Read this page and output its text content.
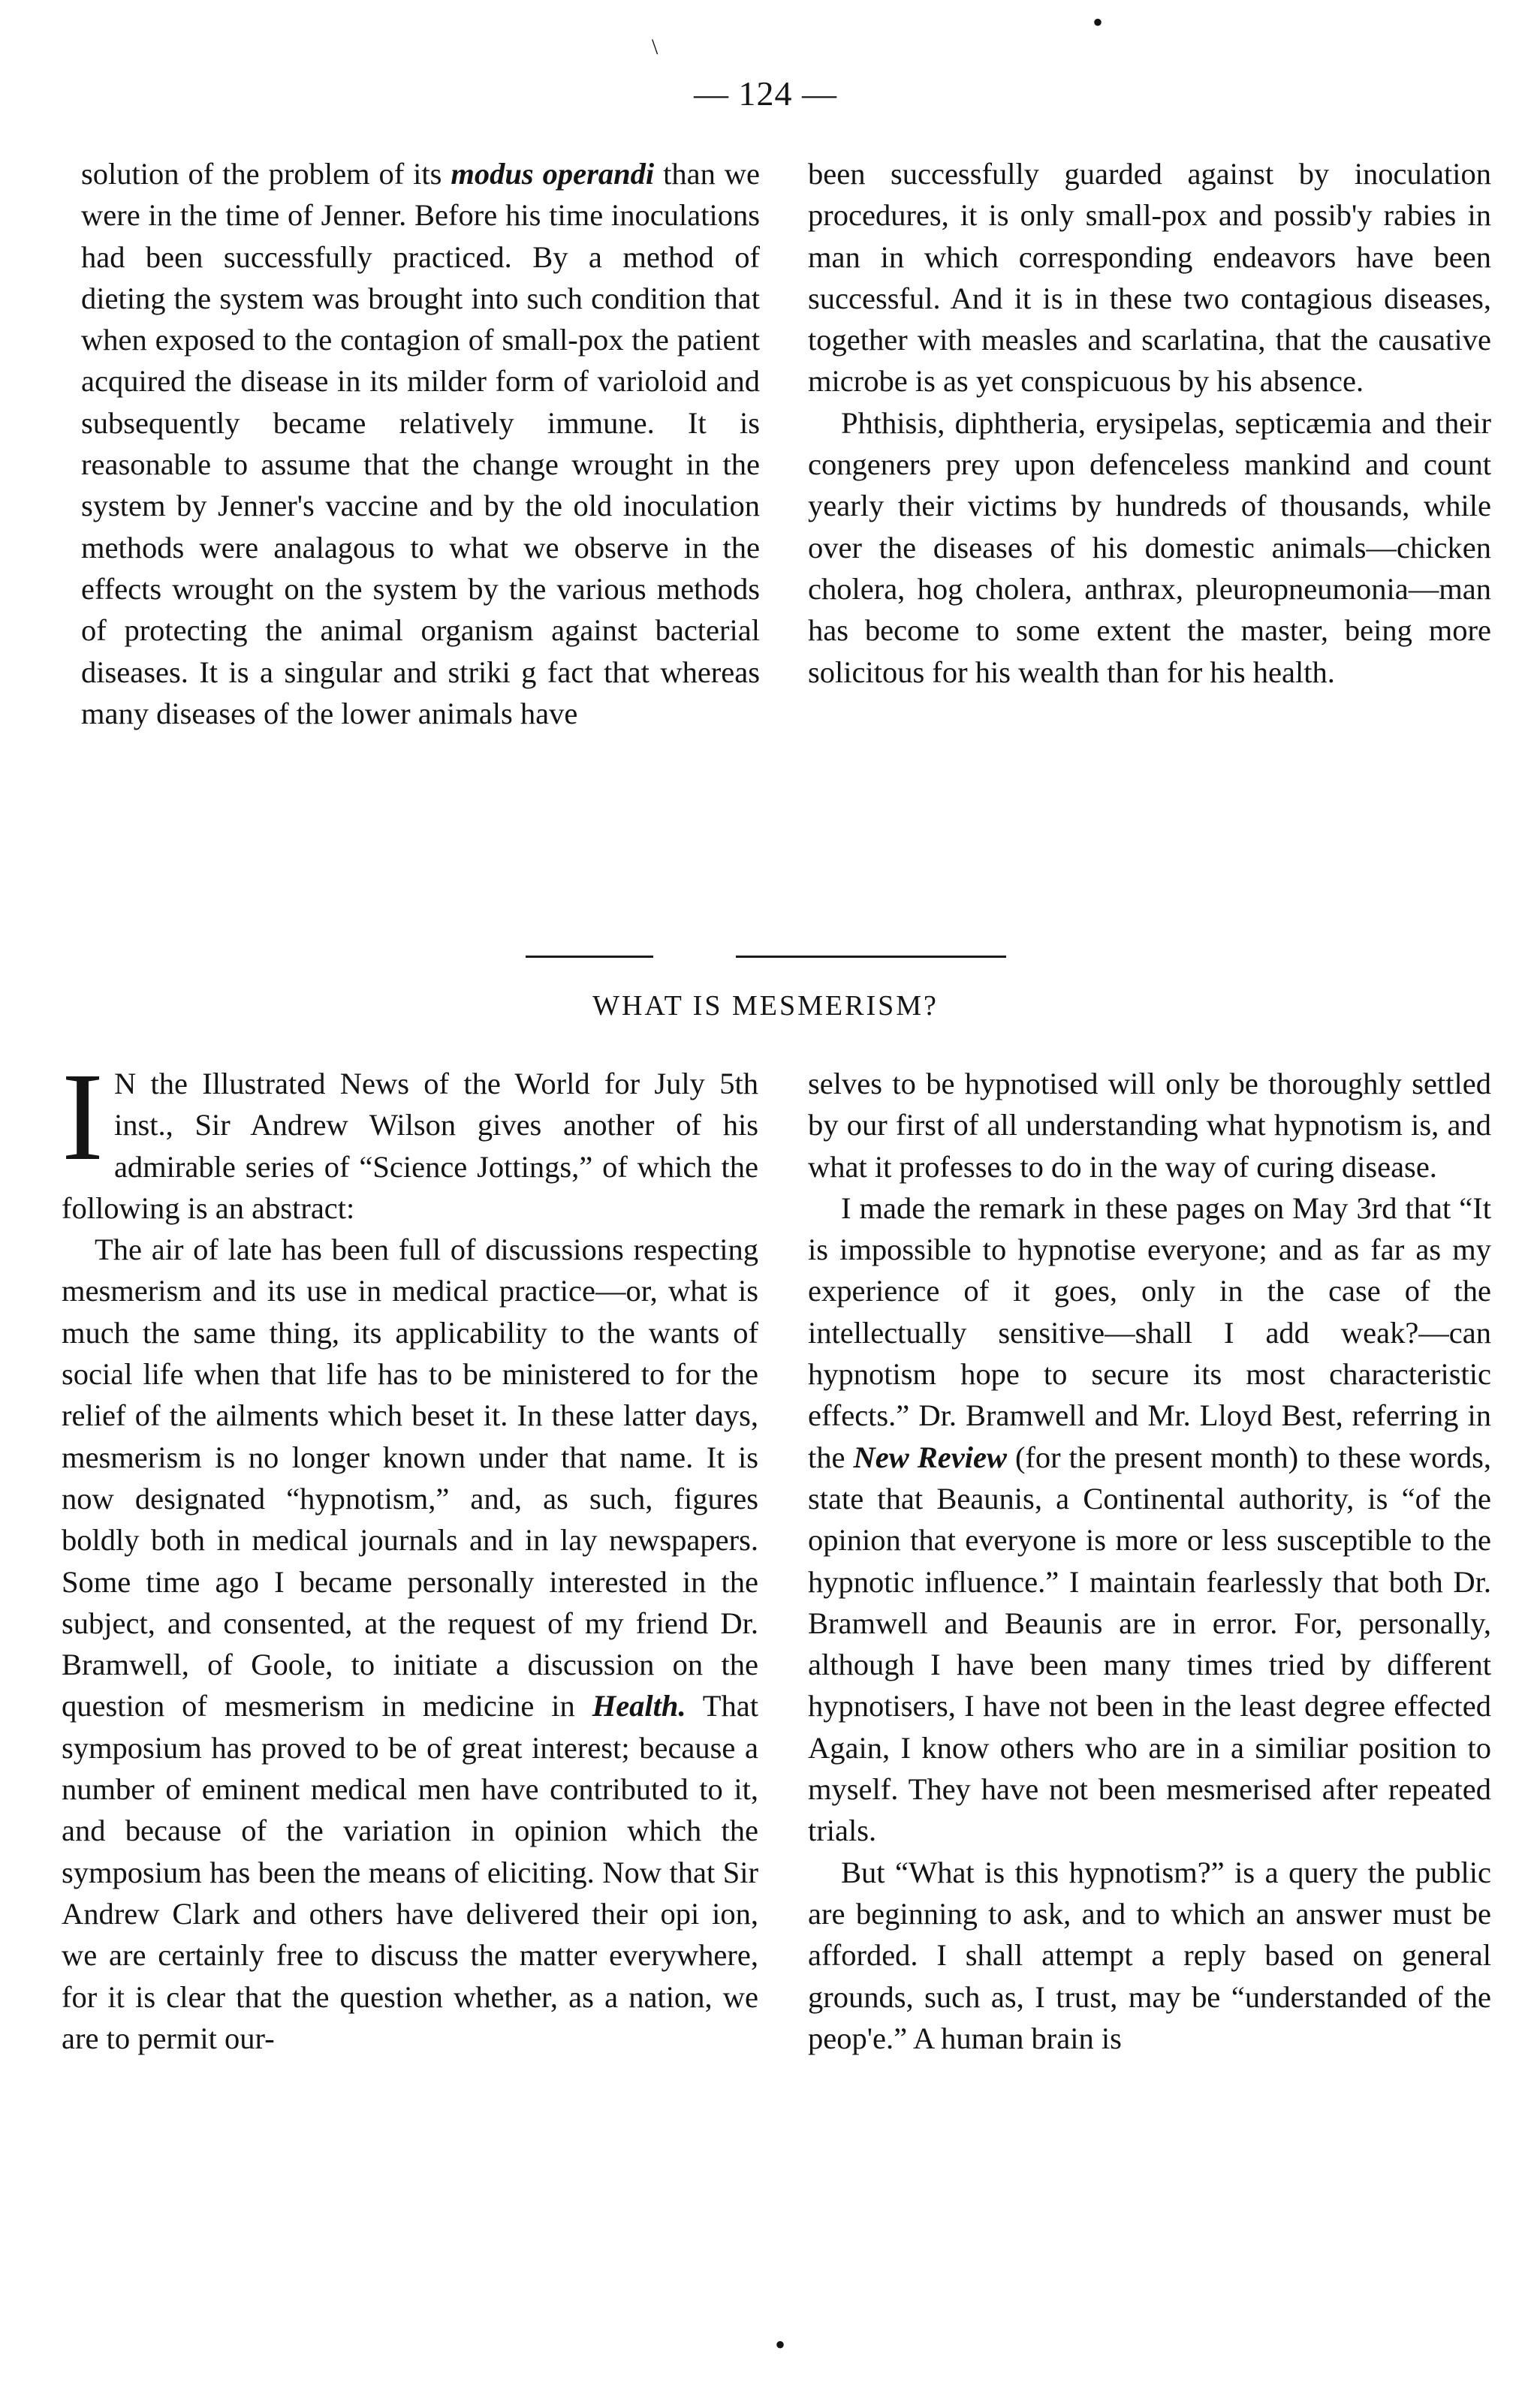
\
•
— 124 —

solution of the problem of its modus operandi than we were in the time of Jenner. Before his time inoculations had been successfully practiced. By a method of dieting the system was brought into such condition that when exposed to the contagion of small-pox the patient acquired the disease in its milder form of varioloid and subsequently became relatively immune. It is reasonable to assume that the change wrought in the system by Jenner's vaccine and by the old inoculation methods were analagous to what we observe in the effects wrought on the system by the various methods of protecting the animal organism against bacterial diseases. It is a singular and striki g fact that whereas many diseases of the lower animals have

been successfully guarded against by inoculation procedures, it is only small-pox and possib'y rabies in man in which corresponding endeavors have been successful. And it is in these two contagious diseases, together with measles and scarlatina, that the causative microbe is as yet conspicuous by his absence.

Phthisis, diphtheria, erysipelas, septicæmia and their congeners prey upon defenceless mankind and count yearly their victims by hundreds of thousands, while over the diseases of his domestic animals—chicken cholera, hog cholera, anthrax, pleuropneumonia—man has become to some extent the master, being more solicitous for his wealth than for his health.

WHAT IS MESMERISM?

I N the Illustrated News of the World for July 5th inst., Sir Andrew Wilson gives another of his admirable series of “Science Jottings,” of which the following is an abstract:

The air of late has been full of discussions respecting mesmerism and its use in medical practice—or, what is much the same thing, its applicability to the wants of social life when that life has to be ministered to for the relief of the ailments which beset it. In these latter days, mesmerism is no longer known under that name. It is now designated “hypnotism,” and, as such, figures boldly both in medical journals and in lay newspapers. Some time ago I became personally interested in the subject, and consented, at the request of my friend Dr. Bramwell, of Goole, to initiate a discussion on the question of mesmerism in medicine in Health. That symposium has proved to be of great interest; because a number of eminent medical men have contributed to it, and because of the variation in opinion which the symposium has been the means of eliciting. Now that Sir Andrew Clark and others have delivered their opi ion, we are certainly free to discuss the matter everywhere, for it is clear that the question whether, as a nation, we are to permit our-

selves to be hypnotised will only be thoroughly settled by our first of all understanding what hypnotism is, and what it professes to do in the way of curing disease.

I made the remark in these pages on May 3rd that “It is impossible to hypnotise everyone; and as far as my experience of it goes, only in the case of the intellectually sensitive—shall I add weak?—can hypnotism hope to secure its most characteristic effects.” Dr. Bramwell and Mr. Lloyd Best, referring in the New Review (for the present month) to these words, state that Beaunis, a Continental authority, is “of the opinion that everyone is more or less susceptible to the hypnotic influence.” I maintain fearlessly that both Dr. Bramwell and Beaunis are in error. For, personally, although I have been many times tried by different hypnotisers, I have not been in the least degree effected Again, I know others who are in a similiar position to myself. They have not been mesmerised after repeated trials.

But “What is this hypnotism?” is a query the public are beginning to ask, and to which an answer must be afforded. I shall attempt a reply based on general grounds, such as, I trust, may be “understanded of the peop'e.” A human brain is

•
